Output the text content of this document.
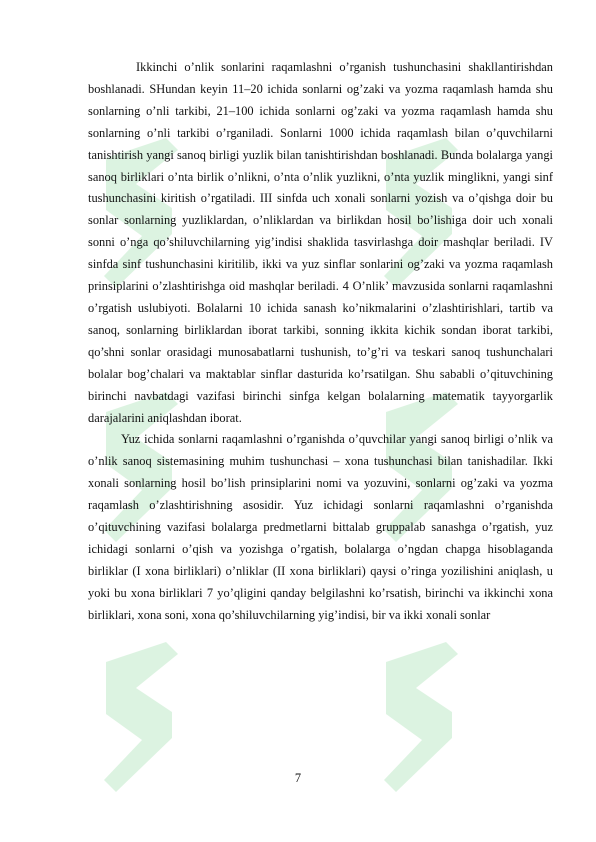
Ikkinchi o’nlik sonlarini raqamlashni o’rganish tushunchasini shakllantirishdan boshlanadi. SHundan keyin 11–20 ichida sonlarni og’zaki va yozma raqamlash hamda shu sonlarning o’nli tarkibi, 21–100 ichida sonlarni og’zaki va yozma raqamlash hamda shu sonlarning o’nli tarkibi o’rganiladi. Sonlarni 1000 ichida raqamlash bilan o’quvchilarni tanishtirish yangi sanoq birligi yuzlik bilan tanishtirishdan boshlanadi. Bunda bolalarga yangi sanoq birliklari o’nta birlik o’nlikni, o’nta o’nlik yuzlikni, o’nta yuzlik minglikni, yangi sinf tushunchasini kiritish o’rgatiladi. III sinfda uch xonali sonlarni yozish va o’qishga doir bu sonlar sonlarning yuzliklardan, o’nliklardan va birlikdan hosil bo’lishiga doir uch xonali sonni o’nga qo’shiluvchilarning yig’indisi shaklida tasvirlashga doir mashqlar beriladi. IV sinfda sinf tushunchasini kiritilib, ikki va yuz sinflar sonlarini og’zaki va yozma raqamlash prinsiplarini o’zlashtirishga oid mashqlar beriladi. 4 O’nlik’ mavzusida sonlarni raqamlashni o’rgatish uslubiyoti. Bolalarni 10 ichida sanash ko’nikmalarini o’zlashtirishlari, tartib va sanoq, sonlarning birliklardan iborat tarkibi, sonning ikkita kichik sondan iborat tarkibi, qo’shni sonlar orasidagi munosabatlarni tushunish, to’g’ri va teskari sanoq tushunchalari bolalar bog’chalari va maktablar sinflar dasturida ko’rsatilgan. Shu sababli o’qituvchining birinchi navbatdagi vazifasi birinchi sinfga kelgan bolalarning matematik tayyorgarlik darajalarini aniqlashdan iborat.

Yuz ichida sonlarni raqamlashni o’rganishda o’quvchilar yangi sanoq birligi o’nlik va o’nlik sanoq sistemasining muhim tushunchasi – xona tushunchasi bilan tanishadilar. Ikki xonali sonlarning hosil bo’lish prinsiplarini nomi va yozuvini, sonlarni og’zaki va yozma raqamlash o’zlashtirishning asosidir. Yuz ichidagi sonlarni raqamlashni o’rganishda o’qituvchining vazifasi bolalarga predmetlarni bittalab gruppalab sanashga o’rgatish, yuz ichidagi sonlarni o’qish va yozishga o’rgatish, bolalarga o’ngdan chapga hisoblaganda birliklar (I xona birliklari) o’nliklar (II xona birliklari) qaysi o’ringa yozilishini aniqlash, u yoki bu xona birliklari 7 yo’qligini qanday belgilashni ko’rsatish, birinchi va ikkinchi xona birliklari, xona soni, xona qo’shiluvchilarning yig’indisi, bir va ikki xonali sonlar

7
